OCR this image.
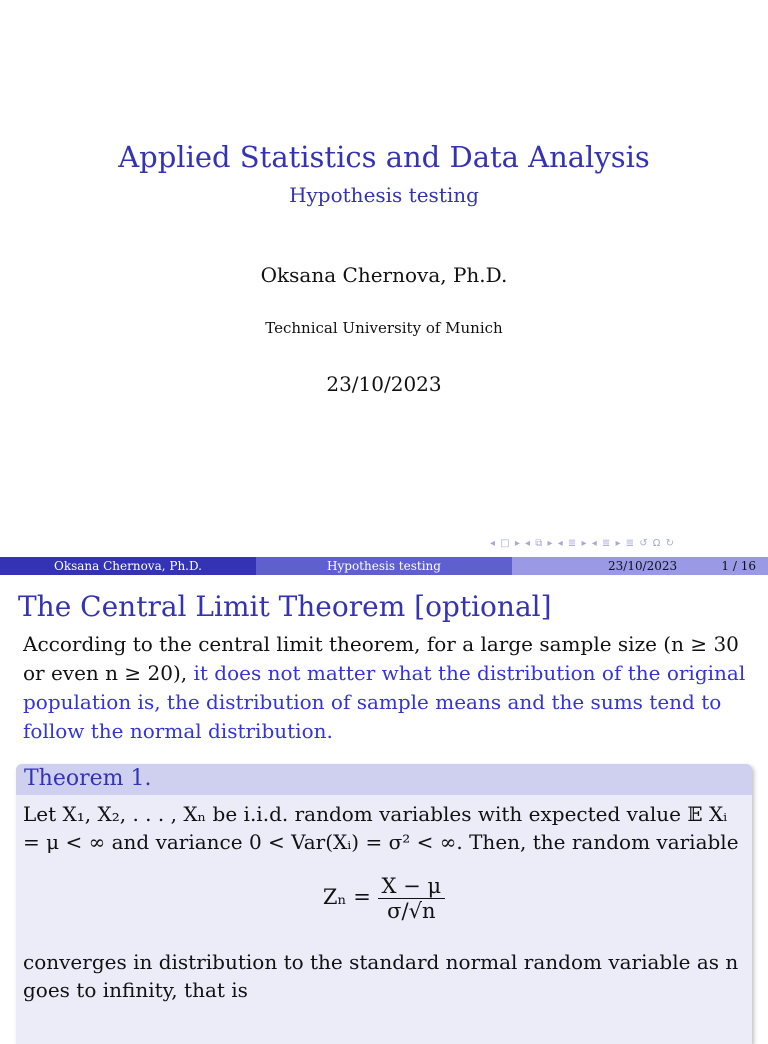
Applied Statistics and Data Analysis
Hypothesis testing
Oksana Chernova, Ph.D.
Technical University of Munich
23/10/2023
◂ □ ▸ ◂ ⧉ ▸ ◂ ≣ ▸ ◂ ≣ ▸ ≣ ↺ Ω ↻
Oksana Chernova, Ph.D.	Hypothesis testing	23/10/2023	1 / 16
The Central Limit Theorem [optional]
According to the central limit theorem, for a large sample size (n ≥ 30 or even n ≥ 20), it does not matter what the distribution of the original population is, the distribution of sample means and the sums tend to follow the normal distribution.
Theorem 1.
Let X₁, X₂, . . . , Xₙ be i.i.d. random variables with expected value 𝔼 Xᵢ = μ < ∞ and variance 0 < Var(Xᵢ) = σ² < ∞. Then, the random variable
$Z_n = \frac{X - \mu}{\sigma/√n}$
converges in distribution to the standard normal random variable as n goes to infinity, that is
